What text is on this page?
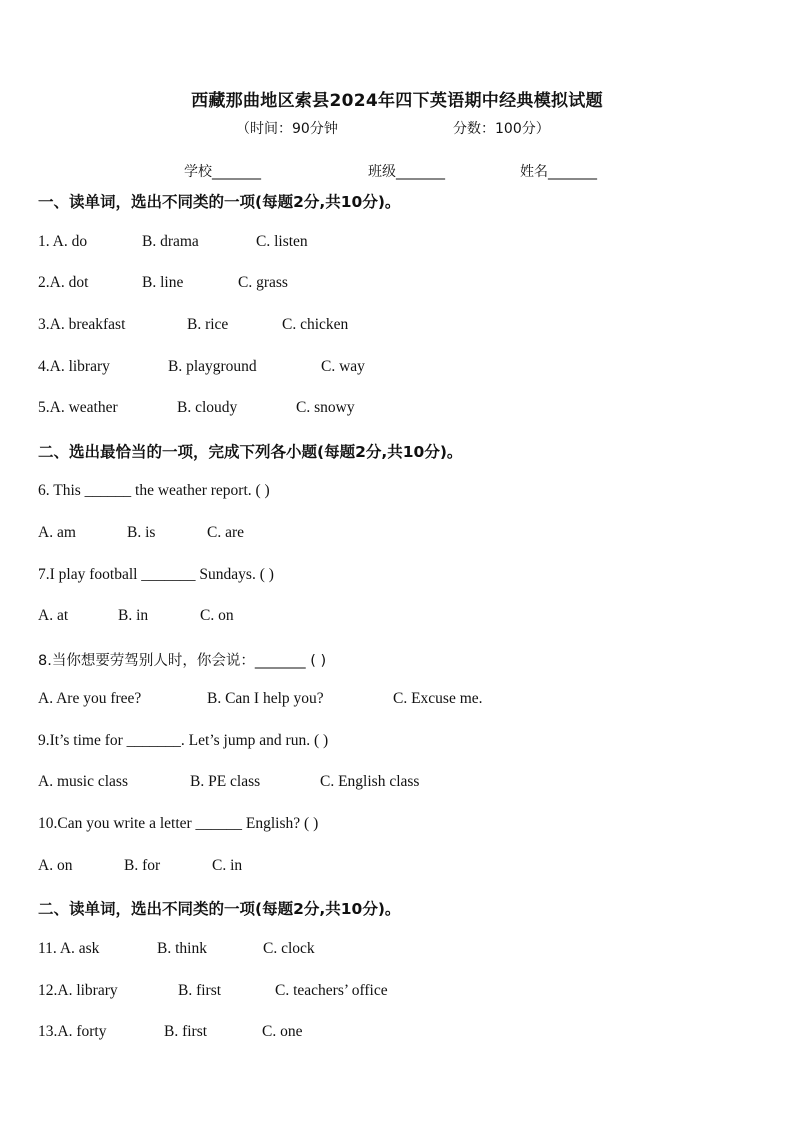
西藏那曲地区索县2024年四下英语期中经典模拟试题
（时间：90分钟	分数：100分）
学校_______	班级_______	姓名_______
一、读单词，选出不同类的一项(每题2分,共10分)。
1. A. do	B. drama	C. listen
2.A. dot	B. line	C. grass
3.A. breakfast	B. rice	C. chicken
4.A. library	B. playground	C. way
5.A. weather	B. cloudy	C. snowy
二、选出最恰当的一项，完成下列各小题(每题2分,共10分)。
6. This ______ the weather report. ( )
A. am	B. is	C. are
7.I play football _______ Sundays. ( )
A. at	B. in	C. on
8.当你想要劳驾别人时，你会说：_______ ( )
A. Are you free?	B. Can I help you?	C. Excuse me.
9.It’s time for _______. Let’s jump and run. ( )
A. music class	B. PE class	C. English class
10.Can you write a letter ______ English? ( )
A. on	B. for	C. in
二、读单词，选出不同类的一项(每题2分,共10分)。
11. A. ask	B. think	C. clock
12.A. library	B. first	C. teachers’ office
13.A. forty	B. first	C. one
